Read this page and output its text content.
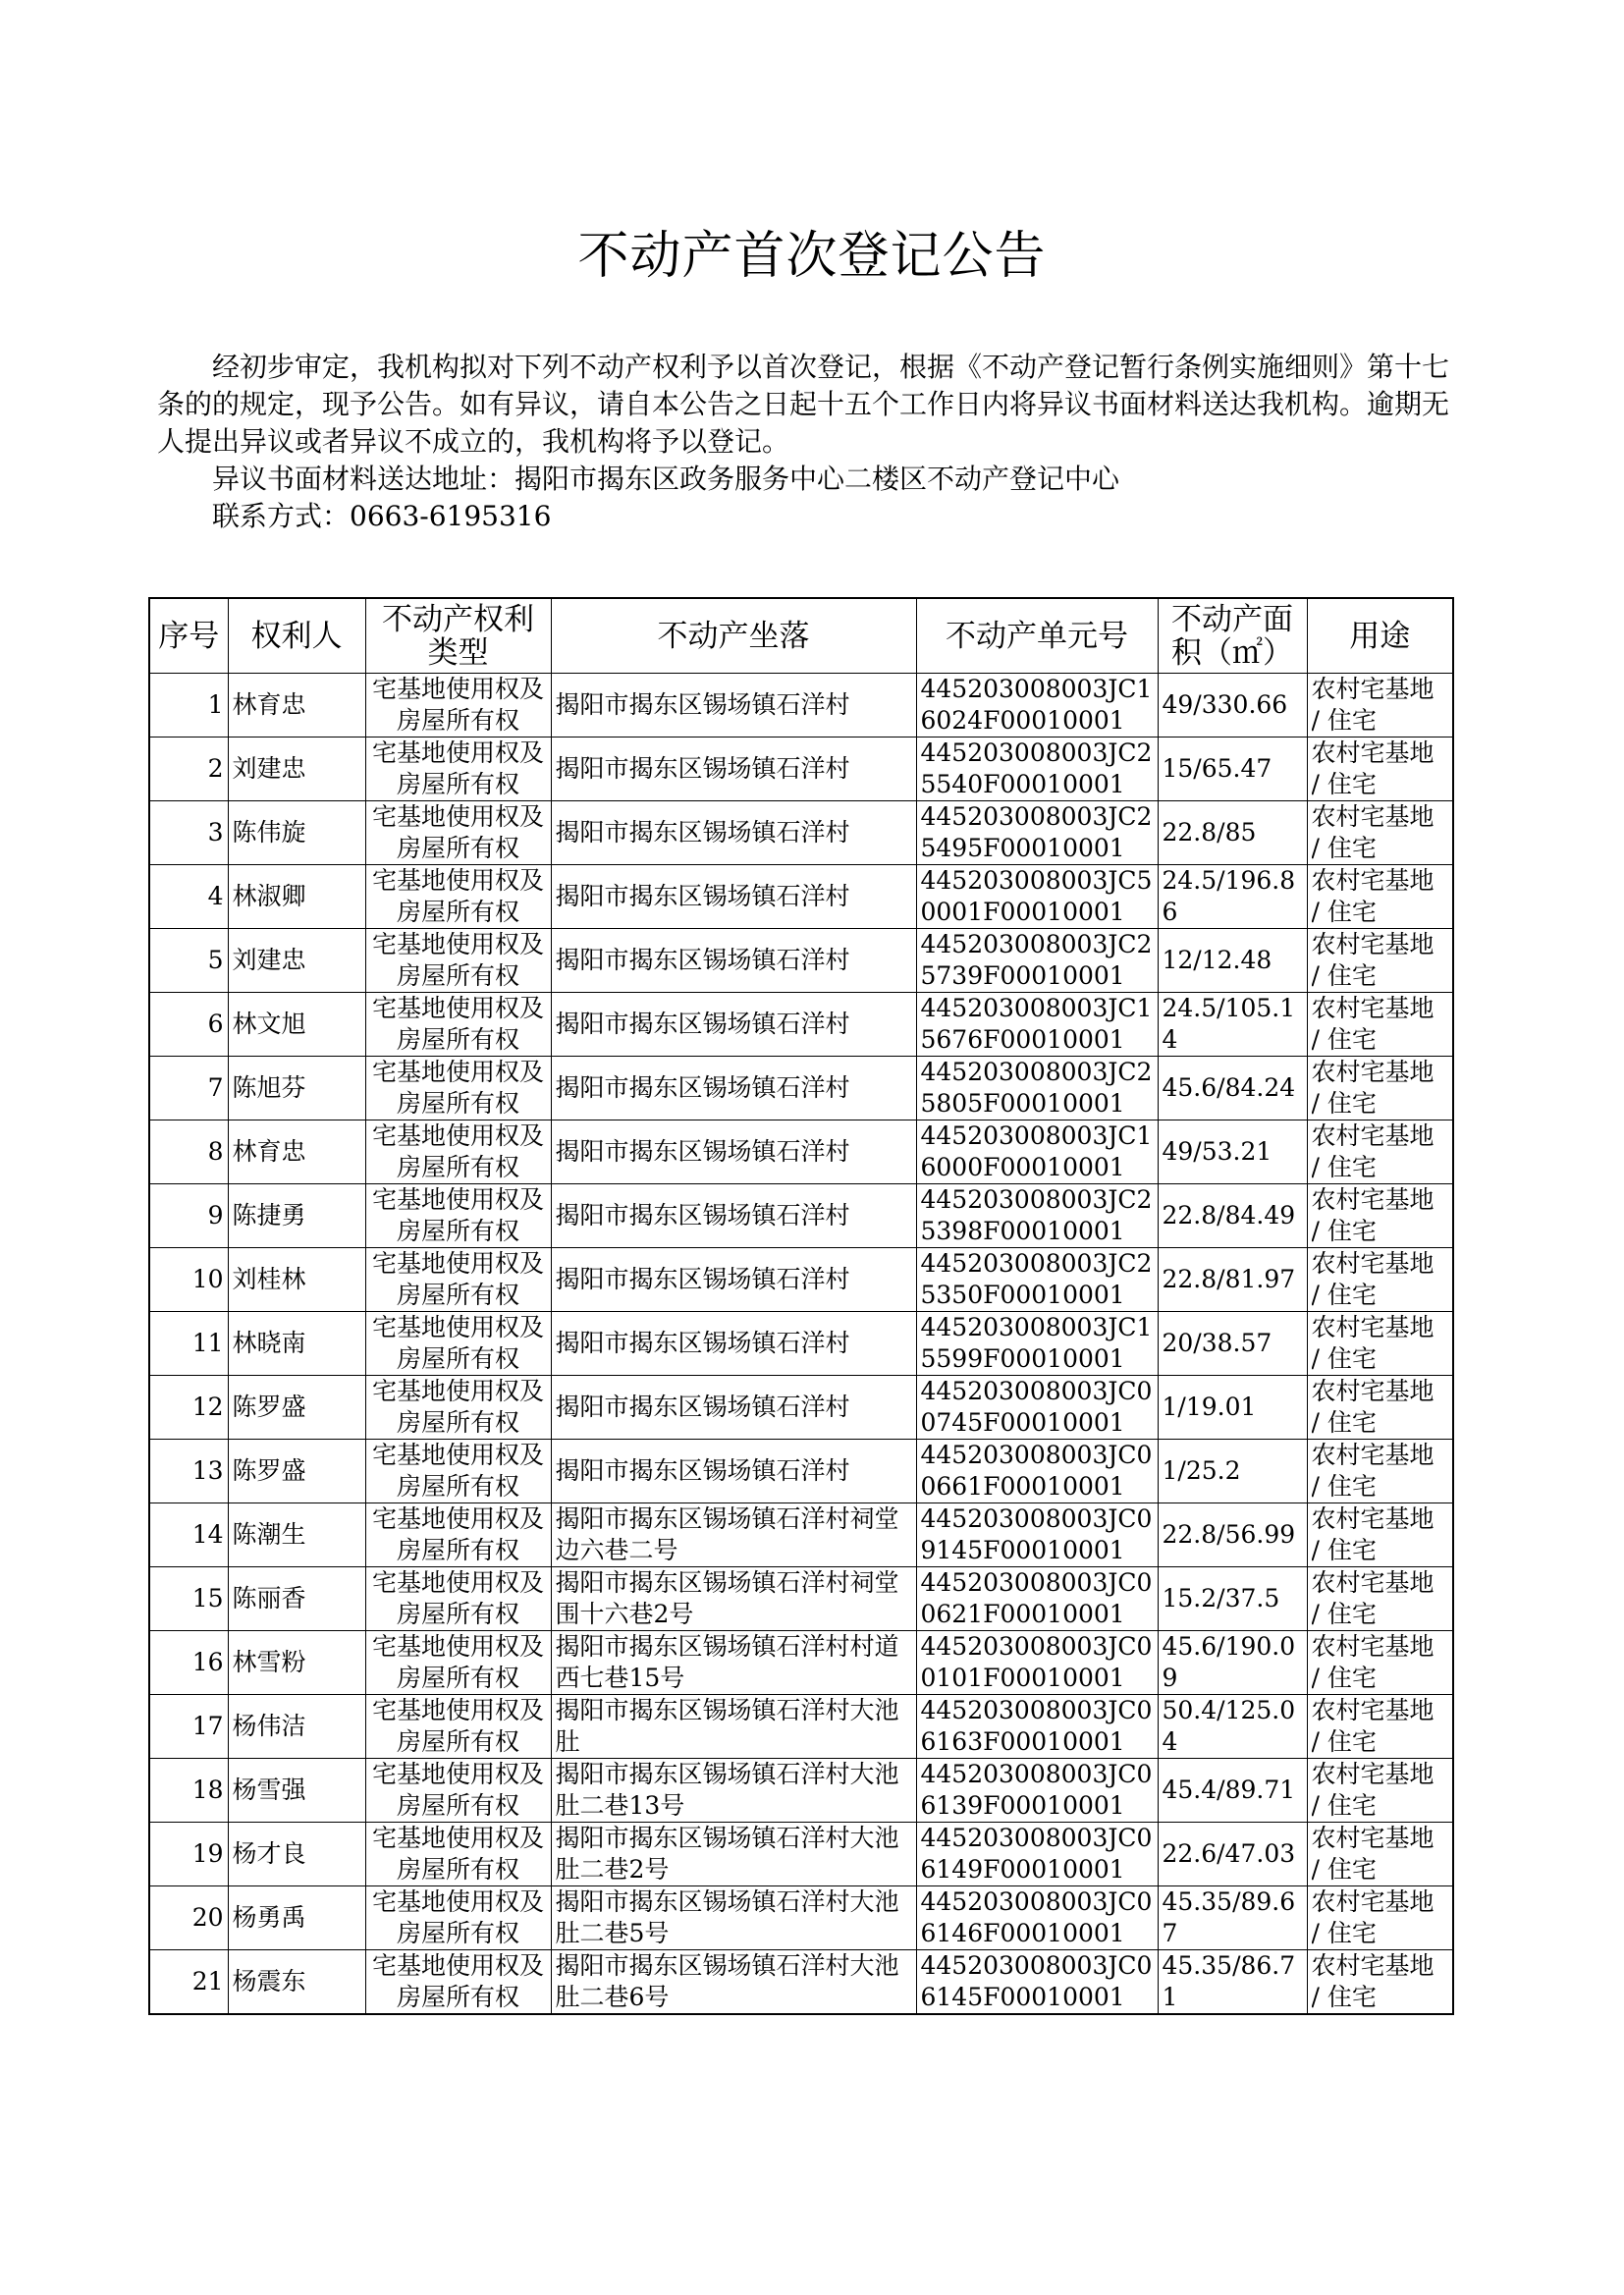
不动产首次登记公告

经初步审定，我机构拟对下列不动产权利予以首次登记，根据《不动产登记暂行条例实施细则》第十七条的的规定，现予公告。如有异议，请自本公告之日起十五个工作日内将异议书面材料送达我机构。逾期无人提出异议或者异议不成立的，我机构将予以登记。

异议书面材料送达地址：揭阳市揭东区政务服务中心二楼区不动产登记中心

联系方式：0663-6195316

序号	权利人	不动产权利类型	不动产坐落	不动产单元号	不动产面积（㎡）	用途

1	林育忠	宅基地使用权及房屋所有权	揭阳市揭东区锡场镇石洋村	445203008003JC16024F00010001	49/330.66	农村宅基地 / 住宅

2	刘建忠	宅基地使用权及房屋所有权	揭阳市揭东区锡场镇石洋村	445203008003JC25540F00010001	15/65.47	农村宅基地 / 住宅

3	陈伟旋	宅基地使用权及房屋所有权	揭阳市揭东区锡场镇石洋村	445203008003JC25495F00010001	22.8/85	农村宅基地 / 住宅

4	林淑卿	宅基地使用权及房屋所有权	揭阳市揭东区锡场镇石洋村	445203008003JC50001F00010001	24.5/196.86	农村宅基地 / 住宅

5	刘建忠	宅基地使用权及房屋所有权	揭阳市揭东区锡场镇石洋村	445203008003JC25739F00010001	12/12.48	农村宅基地 / 住宅

6	林文旭	宅基地使用权及房屋所有权	揭阳市揭东区锡场镇石洋村	445203008003JC15676F00010001	24.5/105.14	农村宅基地 / 住宅

7	陈旭芬	宅基地使用权及房屋所有权	揭阳市揭东区锡场镇石洋村	445203008003JC25805F00010001	45.6/84.24	农村宅基地 / 住宅

8	林育忠	宅基地使用权及房屋所有权	揭阳市揭东区锡场镇石洋村	445203008003JC16000F00010001	49/53.21	农村宅基地 / 住宅

9	陈捷勇	宅基地使用权及房屋所有权	揭阳市揭东区锡场镇石洋村	445203008003JC25398F00010001	22.8/84.49	农村宅基地 / 住宅

10	刘桂林	宅基地使用权及房屋所有权	揭阳市揭东区锡场镇石洋村	445203008003JC25350F00010001	22.8/81.97	农村宅基地 / 住宅

11	林晓南	宅基地使用权及房屋所有权	揭阳市揭东区锡场镇石洋村	445203008003JC15599F00010001	20/38.57	农村宅基地 / 住宅

12	陈罗盛	宅基地使用权及房屋所有权	揭阳市揭东区锡场镇石洋村	445203008003JC00745F00010001	1/19.01	农村宅基地 / 住宅

13	陈罗盛	宅基地使用权及房屋所有权	揭阳市揭东区锡场镇石洋村	445203008003JC00661F00010001	1/25.2	农村宅基地 / 住宅

14	陈潮生	宅基地使用权及房屋所有权	揭阳市揭东区锡场镇石洋村祠堂边六巷二号	445203008003JC09145F00010001	22.8/56.99	农村宅基地 / 住宅

15	陈丽香	宅基地使用权及房屋所有权	揭阳市揭东区锡场镇石洋村祠堂围十六巷2号	445203008003JC00621F00010001	15.2/37.5	农村宅基地 / 住宅

16	林雪粉	宅基地使用权及房屋所有权	揭阳市揭东区锡场镇石洋村村道西七巷15号	445203008003JC00101F00010001	45.6/190.09	农村宅基地 / 住宅

17	杨伟洁	宅基地使用权及房屋所有权	揭阳市揭东区锡场镇石洋村大池肚	445203008003JC06163F00010001	50.4/125.04	农村宅基地 / 住宅

18	杨雪强	宅基地使用权及房屋所有权	揭阳市揭东区锡场镇石洋村大池肚二巷13号	445203008003JC06139F00010001	45.4/89.71	农村宅基地 / 住宅

19	杨才良	宅基地使用权及房屋所有权	揭阳市揭东区锡场镇石洋村大池肚二巷2号	445203008003JC06149F00010001	22.6/47.03	农村宅基地 / 住宅

20	杨勇禹	宅基地使用权及房屋所有权	揭阳市揭东区锡场镇石洋村大池肚二巷5号	445203008003JC06146F00010001	45.35/89.67	农村宅基地 / 住宅

21	杨震东	宅基地使用权及房屋所有权	揭阳市揭东区锡场镇石洋村大池肚二巷6号	445203008003JC06145F00010001	45.35/86.71	农村宅基地 / 住宅
